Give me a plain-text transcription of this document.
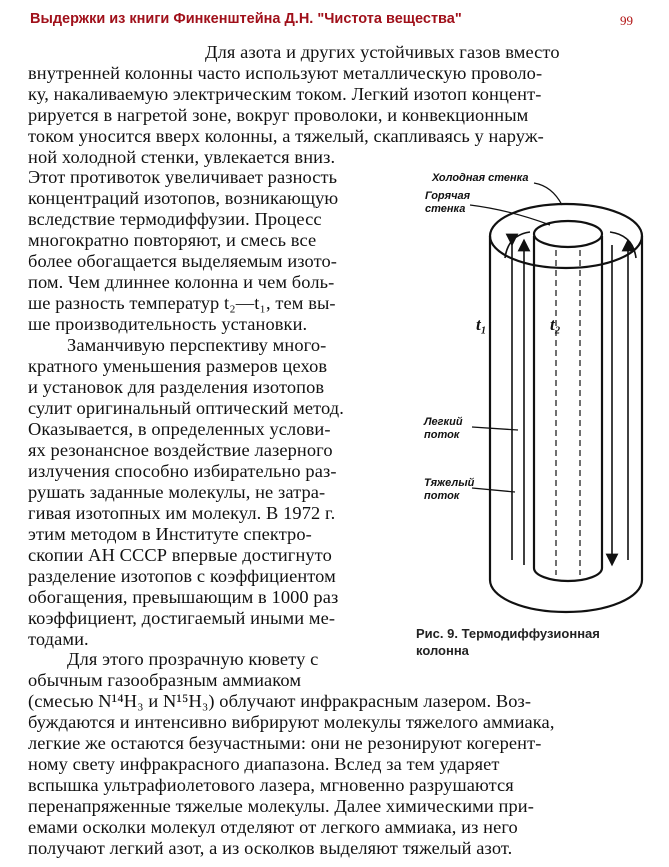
Выдержки из книги Финкенштейна Д.Н. "Чистота вещества"	99
Для азота и других устойчивых газов вместо
внутренней колонны часто используют металлическую проволо-
ку, накаливаемую электрическим током. Легкий изотоп концент-
рируется в нагретой зоне, вокруг проволоки, и конвекционным
током уносится вверх колонны, а тяжелый, скапливаясь у наруж-
ной холодной стенки, увлекается вниз.
Этот противоток увеличивает разность
концентраций изотопов, возникающую
вследствие термодиффузии. Процесс
многократно повторяют, и смесь все
более обогащается выделяемым изото-
пом. Чем длиннее колонна и чем боль-
ше разность температур t₂—t₁, тем вы-
ше производительность установки.
Заманчивую перспективу много-
кратного уменьшения размеров цехов
и установок для разделения изотопов
сулит оригинальный оптический метод.
Оказывается, в определенных услови-
ях резонансное воздействие лазерного
излучения способно избирательно раз-
рушать заданные молекулы, не затра-
гивая изотопных им молекул. В 1972 г.
этим методом в Институте спектро-
скопии АН СССР впервые достигнуто
разделение изотопов с коэффициентом
обогащения, превышающим в 1000 раз
коэффициент, достигаемый иными ме-
тодами.
Для этого прозрачную кювету с
обычным газообразным аммиаком
(смесью N¹⁴H₃ и N¹⁵H₃) облучают инфракрасным лазером. Воз-
буждаются и интенсивно вибрируют молекулы тяжелого аммиака,
легкие же остаются безучастными: они не резонируют когерент-
ному свету инфракрасного диапазона. Вслед за тем ударяет
вспышка ультрафиолетового лазера, мгновенно разрушаются
перенапряженные тяжелые молекулы. Далее химическими при-
емами осколки молекул отделяют от легкого аммиака, из него
получают легкий азот, а из осколков выделяют тяжелый азот.
Холодная стенка
Горячая
стенка
t₁	t₂
Легкий
поток
Тяжелый
поток
Рис. 9. Термодиффузионная
колонна
